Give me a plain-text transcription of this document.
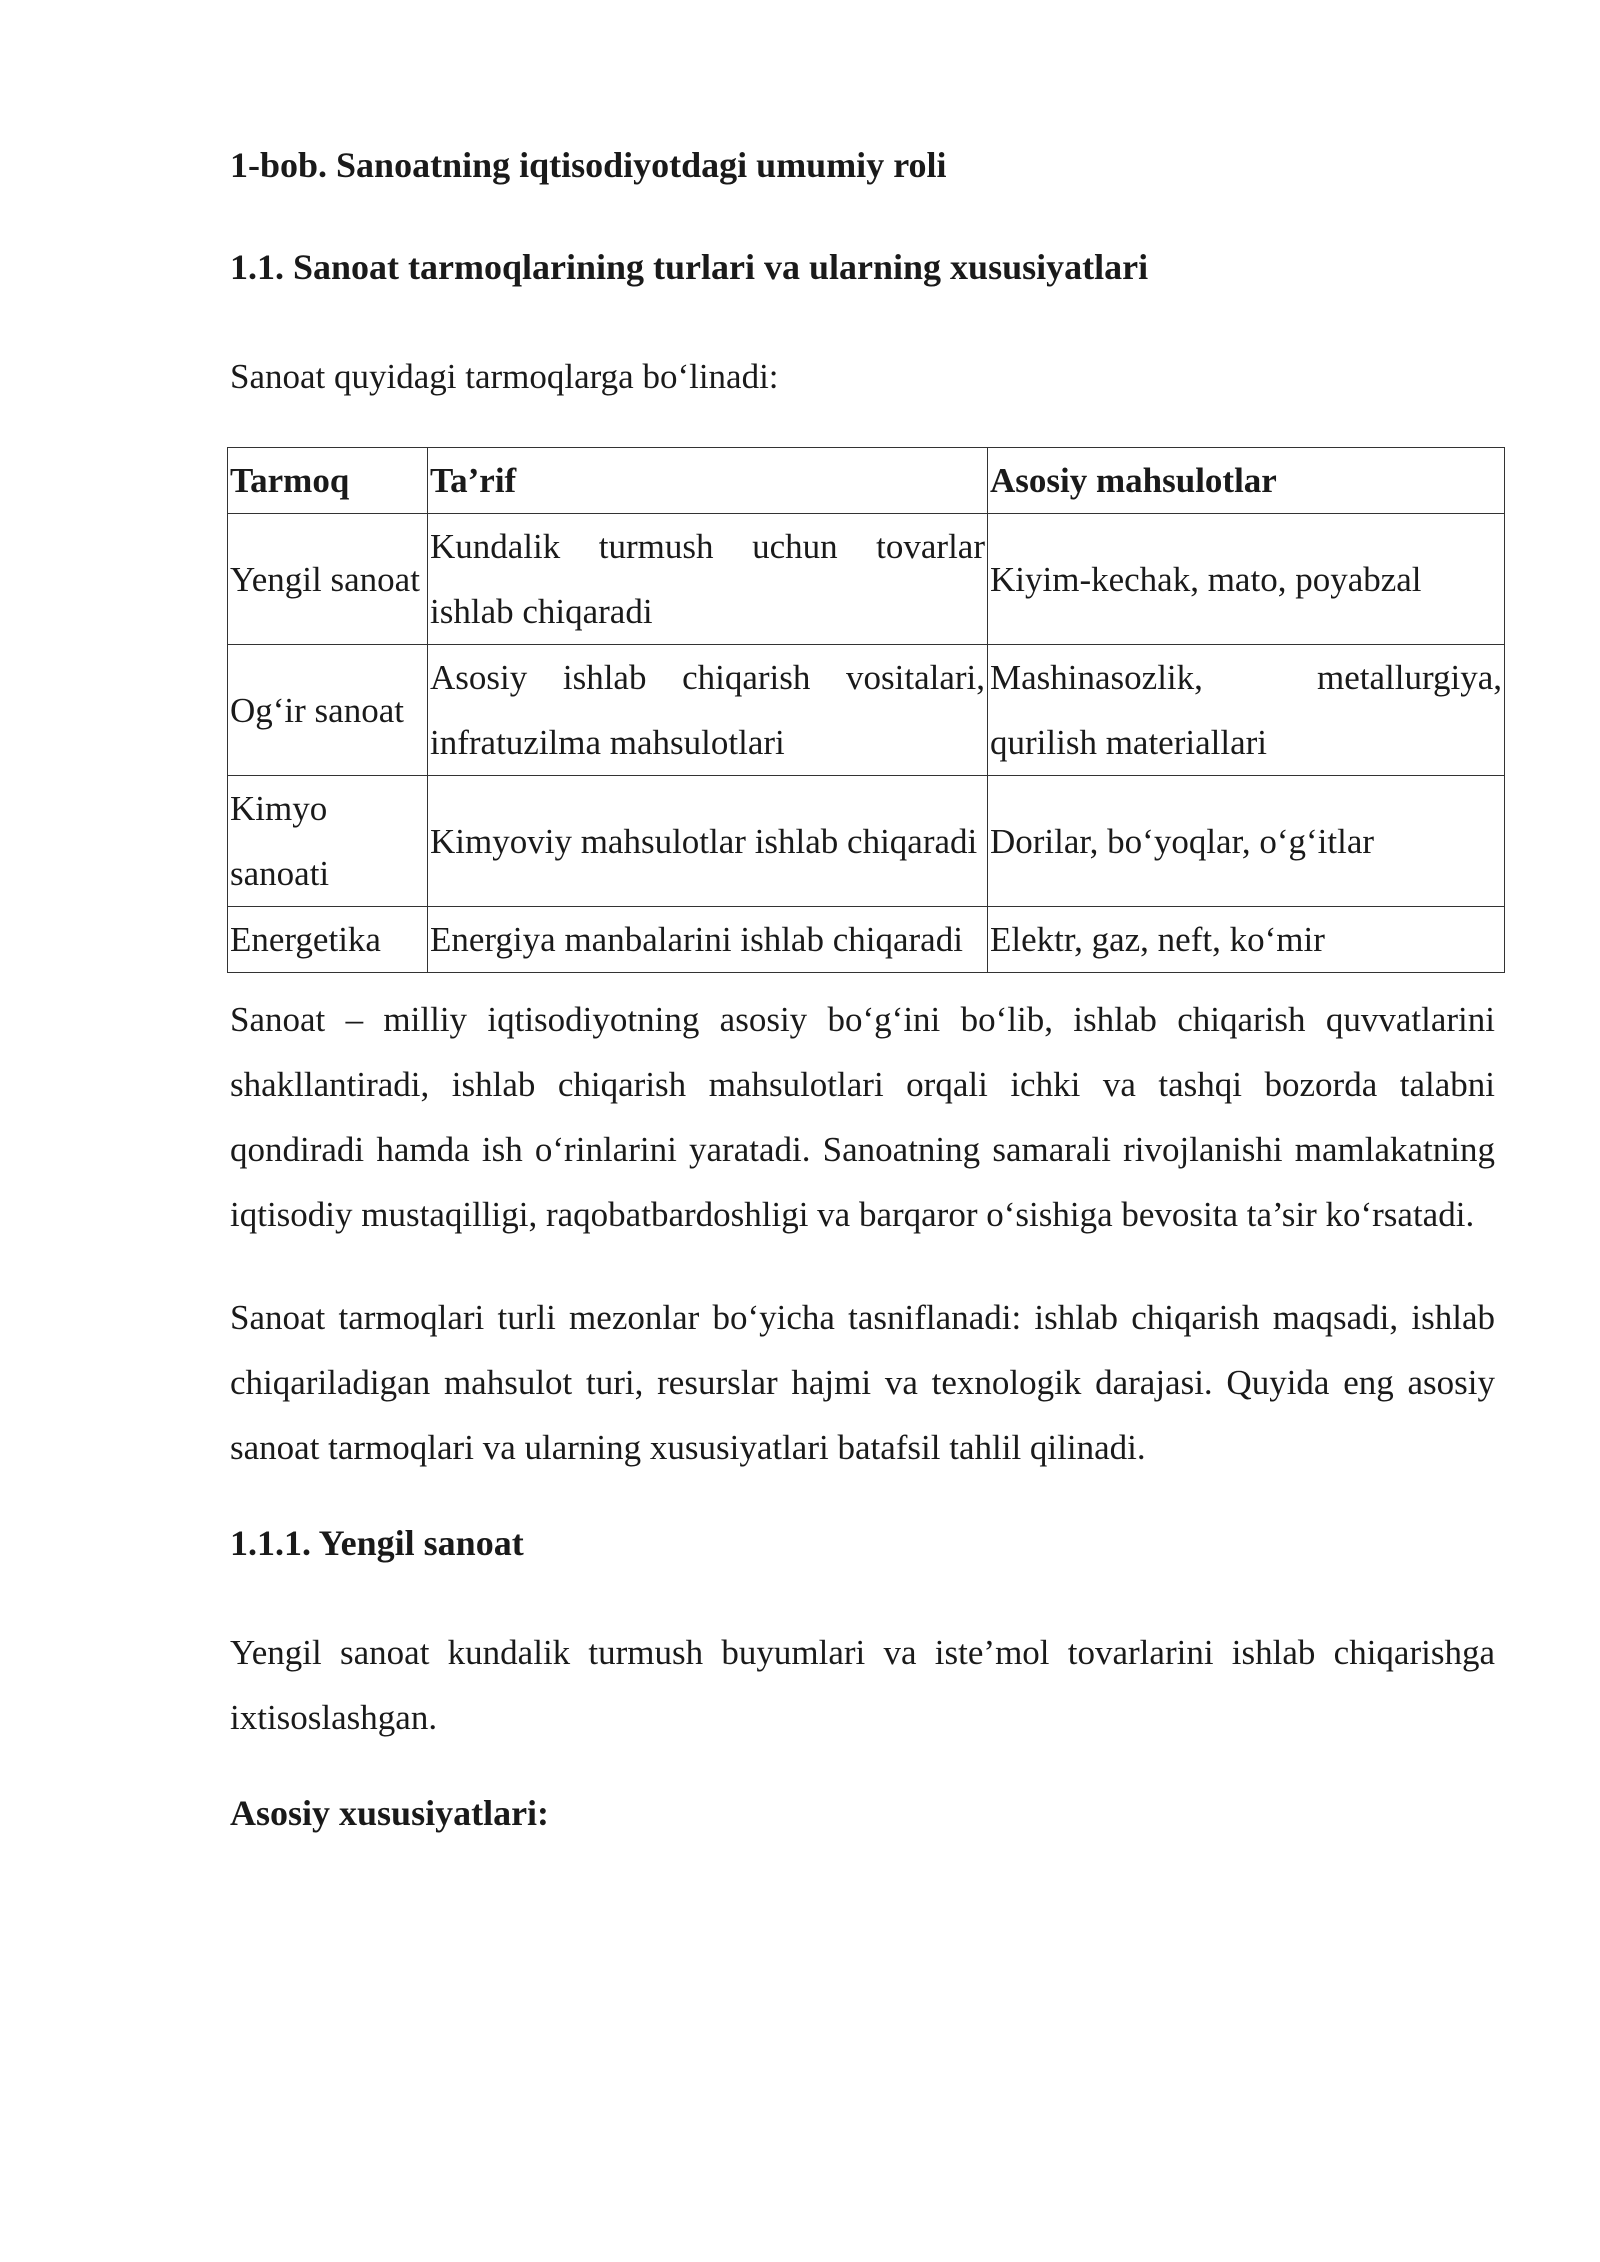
1-bob. Sanoatning iqtisodiyotdagi umumiy roli
1.1. Sanoat tarmoqlarining turlari va ularning xususiyatlari

Sanoat quyidagi tarmoqlarga bo‘linadi:

Tarmoq	Ta’rif	Asosiy mahsulotlar
Yengil sanoat	Kundalik turmush uchun tovarlar ishlab chiqaradi	Kiyim-kechak, mato, poyabzal
Og‘ir sanoat	Asosiy ishlab chiqarish vositalari, infratuzilma mahsulotlari	Mashinasozlik, metallurgiya, qurilish materiallari
Kimyo sanoati	Kimyoviy mahsulotlar ishlab chiqaradi	Dorilar, bo‘yoqlar, o‘g‘itlar
Energetika	Energiya manbalarini ishlab chiqaradi	Elektr, gaz, neft, ko‘mir

Sanoat – milliy iqtisodiyotning asosiy bo‘g‘ini bo‘lib, ishlab chiqarish quvvatlarini shakllantiradi, ishlab chiqarish mahsulotlari orqali ichki va tashqi bozorda talabni qondiradi hamda ish o‘rinlarini yaratadi. Sanoatning samarali rivojlanishi mamlakatning iqtisodiy mustaqilligi, raqobatbardoshligi va barqaror o‘sishiga bevosita ta’sir ko‘rsatadi.

Sanoat tarmoqlari turli mezonlar bo‘yicha tasniflanadi: ishlab chiqarish maqsadi, ishlab chiqariladigan mahsulot turi, resurslar hajmi va texnologik darajasi. Quyida eng asosiy sanoat tarmoqlari va ularning xususiyatlari batafsil tahlil qilinadi.

1.1.1. Yengil sanoat

Yengil sanoat kundalik turmush buyumlari va iste’mol tovarlarini ishlab chiqarishga ixtisoslashgan.

Asosiy xususiyatlari:
